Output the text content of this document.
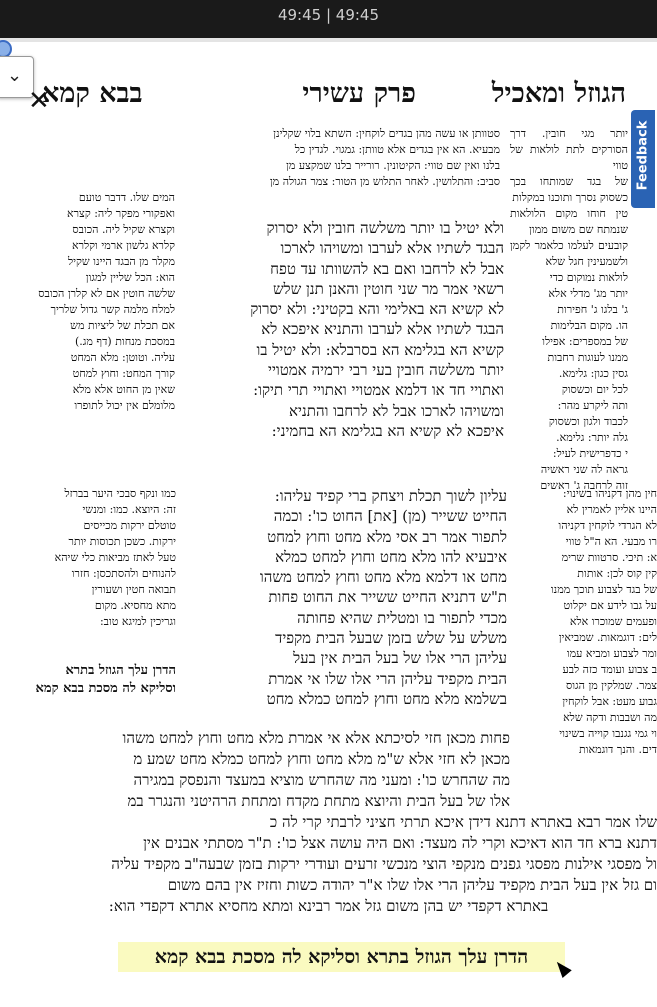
49:45 | 49:45
⌄
Feedback
הגוזל ומאכיל
פרק עשירי
בבא קמא
✕

יותר מגי חובין. דרך הסורקים לתת לולאות של טווי

של בגד שמותחו בכך כשסוק נסרך ותוכנו במקלות

טין חוחו מקום הלולאות שנמתח שם משום ממון

קובעים לעלמו כלאמר לקמן ולשמעינין חגל שלא

לולאות נמוקום כדי

יותר מג' מדלי אלא

ג' בלגו ג' חפירות

הו. מקום הבלימות

של במספרים: אפילו

ממנו לעוגות רחבות

גסין כגון: גלימא.

לכל יום וכשסוק

ותה ליקרע מהר:

לכבוד ולגון וכשסוק

גלה יותר: גלימא.

י כדפרישית לעיל:

גראה לה שני ראשיה

זוה לרחבה ג' ראשים

ולא יטיל בו יותר משלשה חובין ולא יסרוק

הבגד לשתיו אלא לערבו ומשויהו לארכו

אבל לא לרחבו ואם בא להשוותו עד טפח

רשאי אמר מר שני חוטין והאנן תנן שלש

לא קשיא הא באלימי והא בקטיני: ולא יסרוק

הבגד לשתיו אלא לערבו והתניא איפכא לא

קשיא הא בגלימא הא בסרבלא: ולא יטיל בו

יותר משלשה חובין בעי רבי ירמיה אמטויי

ואתויי חד או דלמא אמטויי ואתויי תרי תיקו:

ומשויהו לארכו אבל לא לרחבו והתניא

איפכא לא קשיא הא בגלימא הא בחמיני:

סטוותן או עשה מהן בגדים לוקחין: השתא בלוי שקלינן

מבעיא. הא אין בגדים אלא טוותן: גמגוי. לגדין כל

בלנו ואין שם טווי: הקיטונין. רורייר בלנו שמקצע מן

סביב: והתלושין. לאחר התלוש מן הטור: צמר הגולה מן

המים שלו. דדבר טועם

ואפקורי מפקר ליה: קצרא

וקצרא שקיל ליה. הכובס

קלרא גלשון ארמי וקלרא

מקלר מן הבגד היינו שקיל

הוא: הכל שליין למגון

שלשה חוטין אם לא קלרן הכובס

למלח מלמה קשר גדול שלריך

אם תכלת של ליציות מש

במסכת מנחות (דף מג.)

עליה. וטוטן: מלא המחט

קורך המחט: וחוץ למחט

שאין מן החוט אלא מלא

מלומלם אין יכול לתופרו

חין מהן דקניהו בשינוי:

היינו אליין לאמרין לא

לא הגרדי לוקחין דקניהו

רו מבעי. הא ה"ל טווי

א: תיכי. סרטוות שרימ

קין קוס לכן: אותות

של בגד לצבוע תוכך ממנו

על גבו לידע אם יקלוט

ופעמים שמוכרו אלא

לים: דוגמאות. שמביאין

ומר לצבוע ומביא עמו

ב צבוע ועומד כזה לבע

צמר. שמלקין מן הגוס

גבוע מעט: אבל לוקחין

מה ושבבות ודקה שלא

וי גמי גגנבו קוייה בשינוי

דים. והנך דוגמאות

עליון לשוך תכלת ויצחק ברי קפיד עליהו:

החייט ששייר (מן) [את] החוט כו': וכמה

לתפור אמר רב אסי מלא מחט וחוץ למחט

איבעיא להו מלא מחט וחוץ למחט כמלא

מחט או דלמא מלא מחט וחוץ למחט משהו

ת"ש דתניא החייט ששייר את החוט פחות

מכדי לתפור בו ומטלית שהיא פחותה

משלש על שלש בזמן שבעל הבית מקפיד

עליהן הרי אלו של בעל הבית אין בעל

הבית מקפיד עליהן הרי אלו שלו אי אמרת

בשלמא מלא מחט וחוץ למחט כמלא מחט

כמו ונקף סבכי היער בברזל

זה: היוצא. כמו: ומנשי

טוטלם ירקות מכייסים

ירקות. כשכן תכוסות יותר

טעל לאתז מביאות כלי שיהא

להנוחים ולהסתכסן: חזרו

תבואה חטין ושעורין

מתא מחסיא. מקום

וגריכין למיגא טוב:

הדרן עלך הגוזל בתרא

וסליקא לה מסכת בבא קמא

פחות מכאן חזי לסיכתא אלא אי אמרת מלא מחט וחוץ למחט משהו

מכאן לא חזי אלא ש"מ מלא מחט וחוץ למחט כמלא מחט שמע מ

מה שהחרש כו': ומעני מה שהחרש מוציא במעצד והנפסק במגירה

אלו של בעל הבית והיוצא מתחת מקדח ומתחת הרהיטני והנגרר במ

שלו אמר רבא באתרא דתנא דידן איכא תרתי חציני לרבתי קרי לה כ

דתנא ברא חד הוא דאיכא וקרי לה מעצד: ואם היה עושה אצל כו': ת"ר מסתתי אבנים אין

ול מפסגי אילנות מפסגי גפנים מנקפי הוצי מנכשי זרעים ועודרי ירקות בזמן שבעה"ב מקפיד עליה

ום גזל אין בעל הבית מקפיד עליהן הרי אלו שלו א"ר יהודה כשות וחזיז אין בהם משום

באתרא דקפדי יש בהן משום גזל אמר רבינא ומתא מחסיא אתרא דקפדי הוא:

הדרן עלך הגוזל בתרא וסליקא לה מסכת בבא קמא
